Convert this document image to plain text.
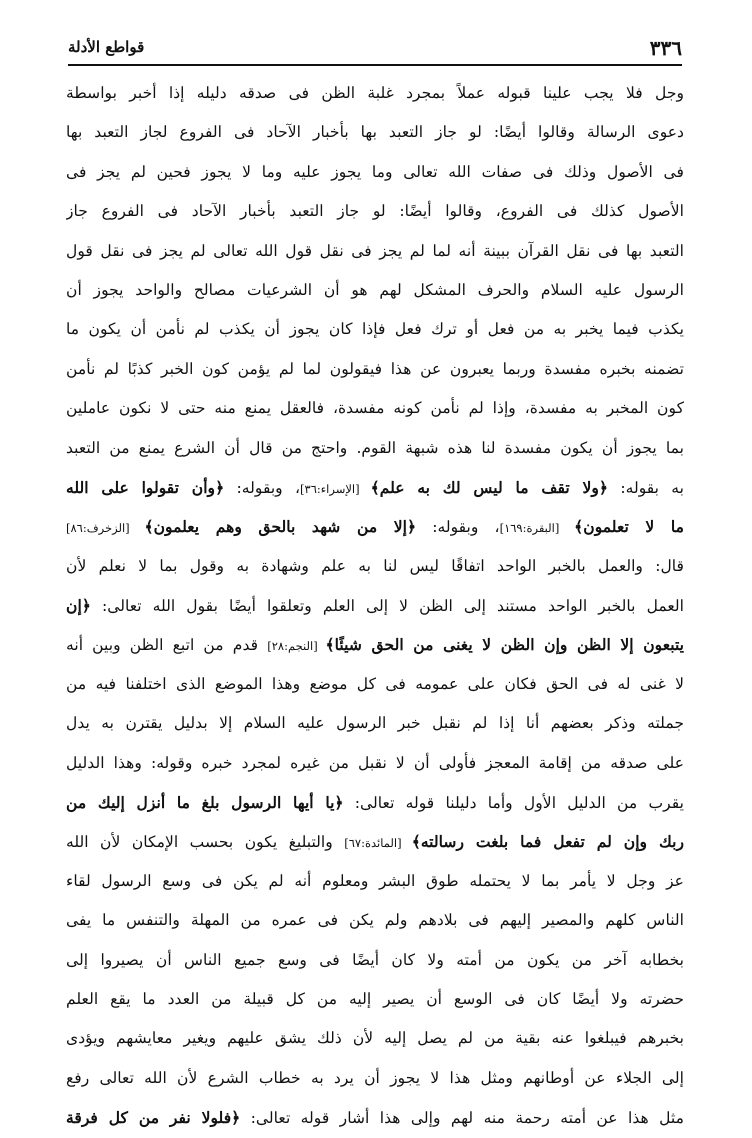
٣٣٦
قواطع الأدلة
وجل فلا يجب علينا قبوله عملاً بمجرد غلبة الظن فى صدقه دليله إذا أخبر بواسطة
دعوى الرسالة وقالوا أيضًا: لو جاز التعبد بها بأخبار الآحاد فى الفروع لجاز التعبد بها
فى الأصول وذلك فى صفات الله تعالى وما يجوز عليه وما لا يجوز فحين لم يجز فى
الأصول كذلك فى الفروع، وقالوا أيضًا: لو جاز التعبد بأخبار الآحاد فى الفروع جاز
التعبد بها فى نقل القرآن ببينة أنه لما لم يجز فى نقل قول الله تعالى لم يجز فى نقل قول
الرسول عليه السلام والحرف المشكل لهم هو أن الشرعيات مصالح والواحد يجوز أن
يكذب فيما يخبر به من فعل أو ترك فعل فإذا كان يجوز أن يكذب لم نأمن أن يكون ما
تضمنه بخبره مفسدة وربما يعبرون عن هذا فيقولون لما لم يؤمن كون الخبر كذبًا لم نأمن
كون المخبر به مفسدة، وإذا لم نأمن كونه مفسدة، فالعقل يمنع منه حتى لا نكون عاملين
بما يجوز أن يكون مفسدة لنا هذه شبهة القوم. واحتج من قال أن الشرع يمنع من التعبد
به بقوله: ﴿ولا تقف ما ليس لك به علم﴾ [الإسراء:٣٦]، وبقوله: ﴿وأن تقولوا على الله
ما لا تعلمون﴾ [البقرة:١٦٩]، وبقوله: ﴿إلا من شهد بالحق وهم يعلمون﴾ [الزخرف:٨٦]
قال: والعمل بالخبر الواحد اتفاقًا ليس لنا به علم وشهادة به وقول بما لا نعلم لأن
العمل بالخبر الواحد مستند إلى الظن لا إلى العلم وتعلقوا أيضًا بقول الله تعالى: ﴿إن
يتبعون إلا الظن وإن الظن لا يغنى من الحق شيئًا﴾ [النجم:٢٨] قدم من اتبع الظن وبين أنه
لا غنى له فى الحق فكان على عمومه فى كل موضع وهذا الموضع الذى اختلفنا فيه من
جملته وذكر بعضهم أنا إذا لم نقبل خبر الرسول عليه السلام إلا بدليل يقترن به يدل
على صدقه من إقامة المعجز فأولى أن لا نقبل من غيره لمجرد خبره وقوله: وهذا الدليل
يقرب من الدليل الأول وأما دليلنا قوله تعالى: ﴿يا أيها الرسول بلغ ما أنزل إليك من
ربك وإن لم تفعل فما بلغت رسالته﴾ [المائدة:٦٧] والتبليغ يكون بحسب الإمكان لأن الله
عز وجل لا يأمر بما لا يحتمله طوق البشر ومعلوم أنه لم يكن فى وسع الرسول لقاء
الناس كلهم والمصير إليهم فى بلادهم ولم يكن فى عمره من المهلة والتنفس ما يفى
بخطابه آخر من يكون من أمته ولا كان أيضًا فى وسع جميع الناس أن يصيروا إلى
حضرته ولا أيضًا كان فى الوسع أن يصير إليه من كل قبيلة من العدد ما يقع العلم
بخبرهم فيبلغوا عنه بقية من لم يصل إليه لأن ذلك يشق عليهم ويغير معايشهم ويؤدى
إلى الجلاء عن أوطانهم ومثل هذا لا يجوز أن يرد به خطاب الشرع لأن الله تعالى رفع
مثل هذا عن أمته رحمة منه لهم وإلى هذا أشار قوله تعالى: ﴿فلولا نفر من كل فرقة
